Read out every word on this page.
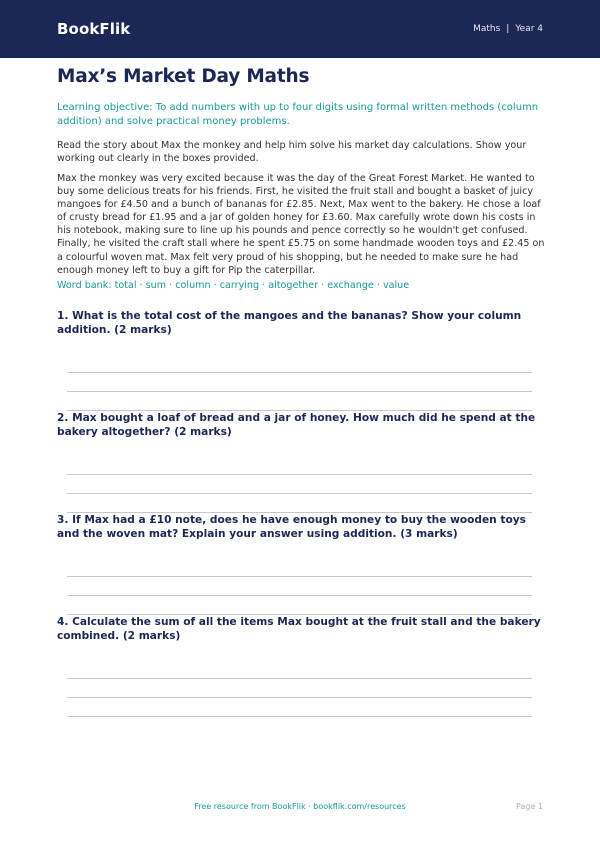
BookFlik	Maths | Year 4
Max’s Market Day Maths
Learning objective: To add numbers with up to four digits using formal written methods (column addition) and solve practical money problems.
Read the story about Max the monkey and help him solve his market day calculations. Show your working out clearly in the boxes provided.
Max the monkey was very excited because it was the day of the Great Forest Market. He wanted to buy some delicious treats for his friends. First, he visited the fruit stall and bought a basket of juicy mangoes for £4.50 and a bunch of bananas for £2.85. Next, Max went to the bakery. He chose a loaf of crusty bread for £1.95 and a jar of golden honey for £3.60. Max carefully wrote down his costs in his notebook, making sure to line up his pounds and pence correctly so he wouldn't get confused. Finally, he visited the craft stall where he spent £5.75 on some handmade wooden toys and £2.45 on a colourful woven mat. Max felt very proud of his shopping, but he needed to make sure he had enough money left to buy a gift for Pip the caterpillar.
Word bank: total · sum · column · carrying · altogether · exchange · value
1. What is the total cost of the mangoes and the bananas? Show your column addition. (2 marks)
2. Max bought a loaf of bread and a jar of honey. How much did he spend at the bakery altogether? (2 marks)
3. If Max had a £10 note, does he have enough money to buy the wooden toys and the woven mat? Explain your answer using addition. (3 marks)
4. Calculate the sum of all the items Max bought at the fruit stall and the bakery combined. (2 marks)
Free resource from BookFlik · bookflik.com/resources	Page 1
